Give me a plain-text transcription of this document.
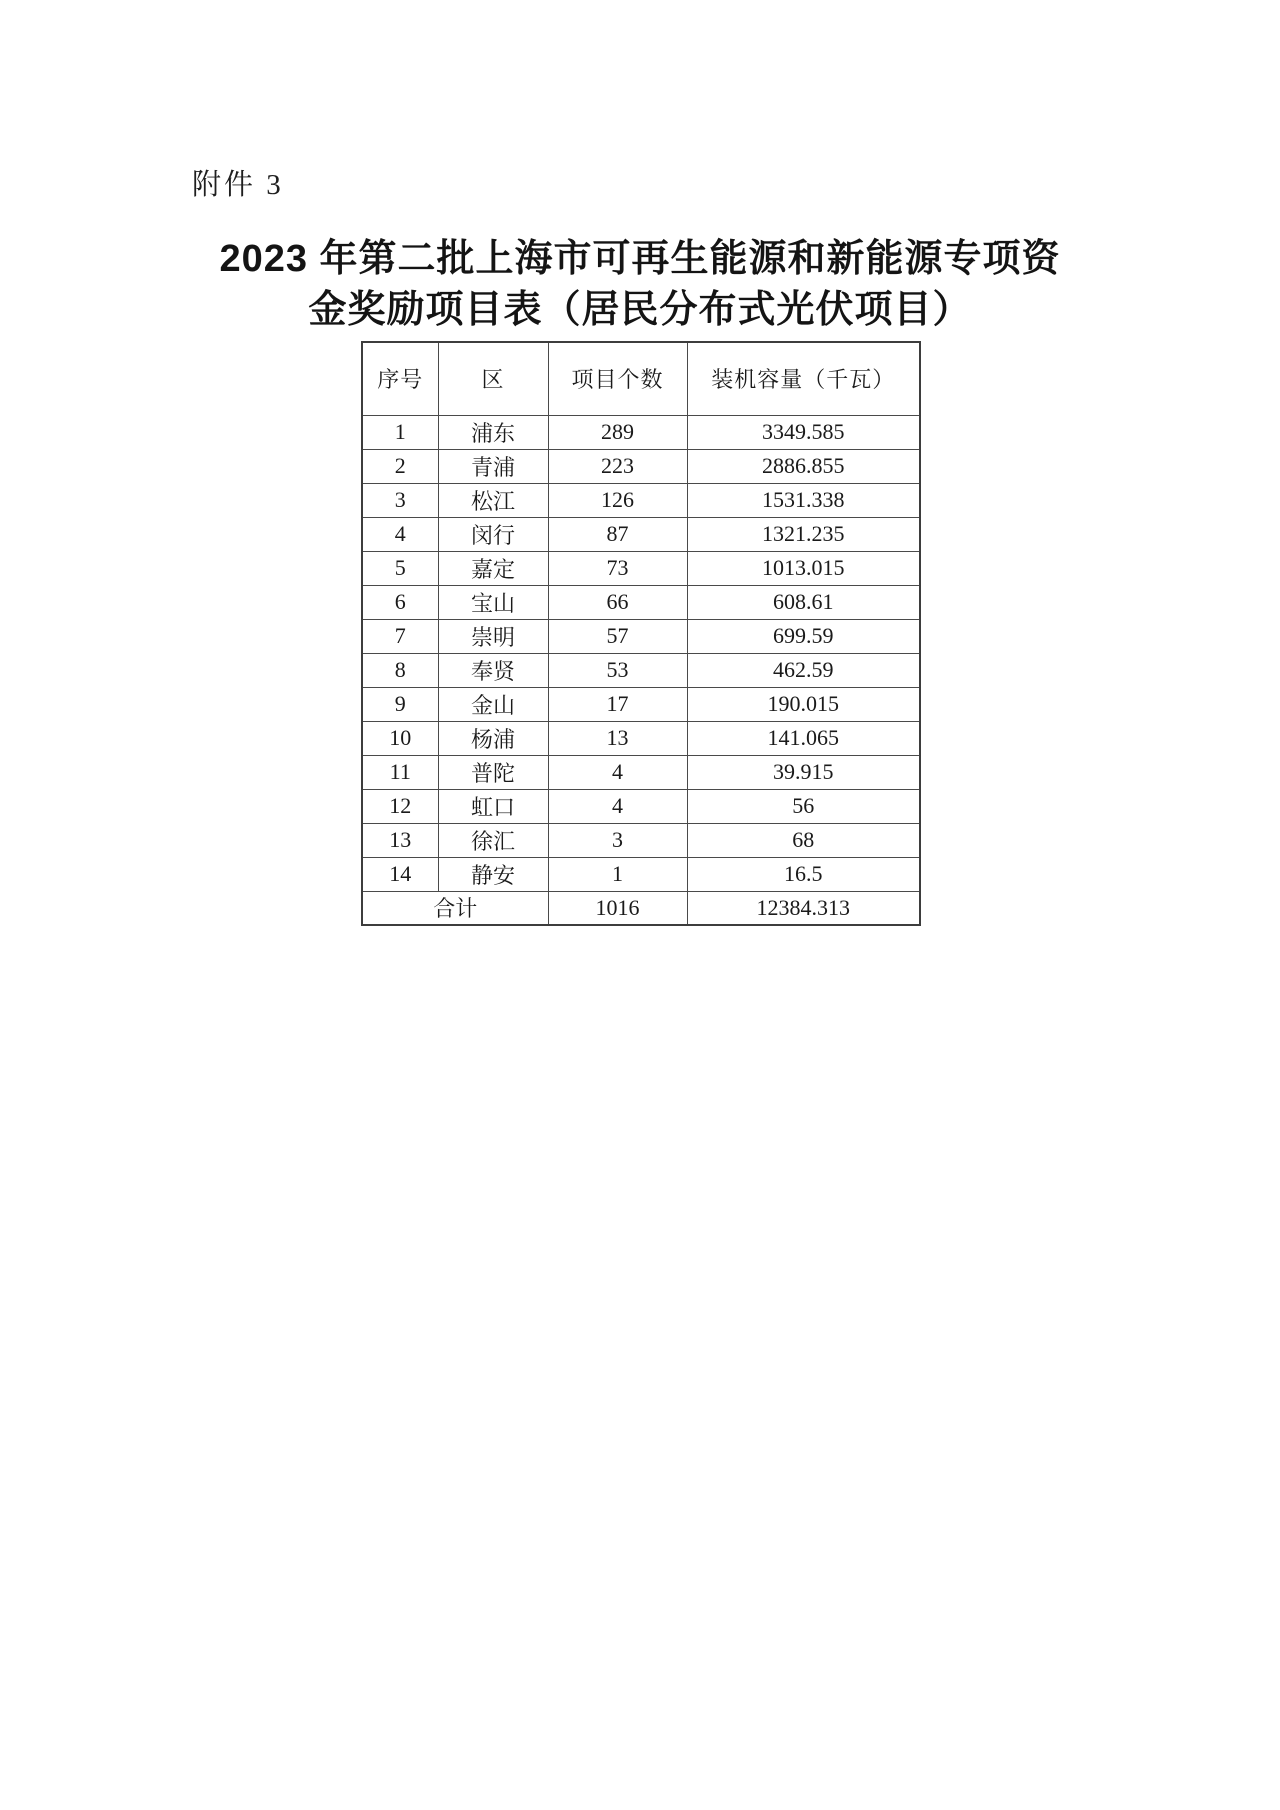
附件 3
2023 年第二批上海市可再生能源和新能源专项资
金奖励项目表（居民分布式光伏项目）
序号	区	项目个数	装机容量（千瓦）
1	浦东	289	3349.585
2	青浦	223	2886.855
3	松江	126	1531.338
4	闵行	87	1321.235
5	嘉定	73	1013.015
6	宝山	66	608.61
7	崇明	57	699.59
8	奉贤	53	462.59
9	金山	17	190.015
10	杨浦	13	141.065
11	普陀	4	39.915
12	虹口	4	56
13	徐汇	3	68
14	静安	1	16.5
合计		1016	12384.313
